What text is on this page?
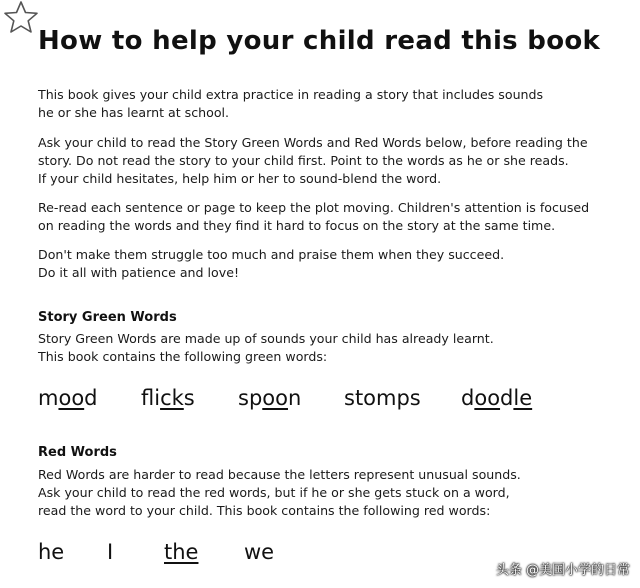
How to help your child read this book

This book gives your child extra practice in reading a story that includes sounds
he or she has learnt at school.

Ask your child to read the Story Green Words and Red Words below, before reading the
story. Do not read the story to your child first. Point to the words as he or she reads.
If your child hesitates, help him or her to sound-blend the word.

Re-read each sentence or page to keep the plot moving. Children's attention is focused
on reading the words and they find it hard to focus on the story at the same time.

Don't make them struggle too much and praise them when they succeed.
Do it all with patience and love!

Story Green Words

Story Green Words are made up of sounds your child has already learnt.
This book contains the following green words:

mood flicks spoon stomps doodle
Red Words

Red Words are harder to read because the letters represent unusual sounds.
Ask your child to read the red words, but if he or she gets stuck on a word,
read the word to your child. This book contains the following red words:

he I the we
头条 @美国小学的日常
